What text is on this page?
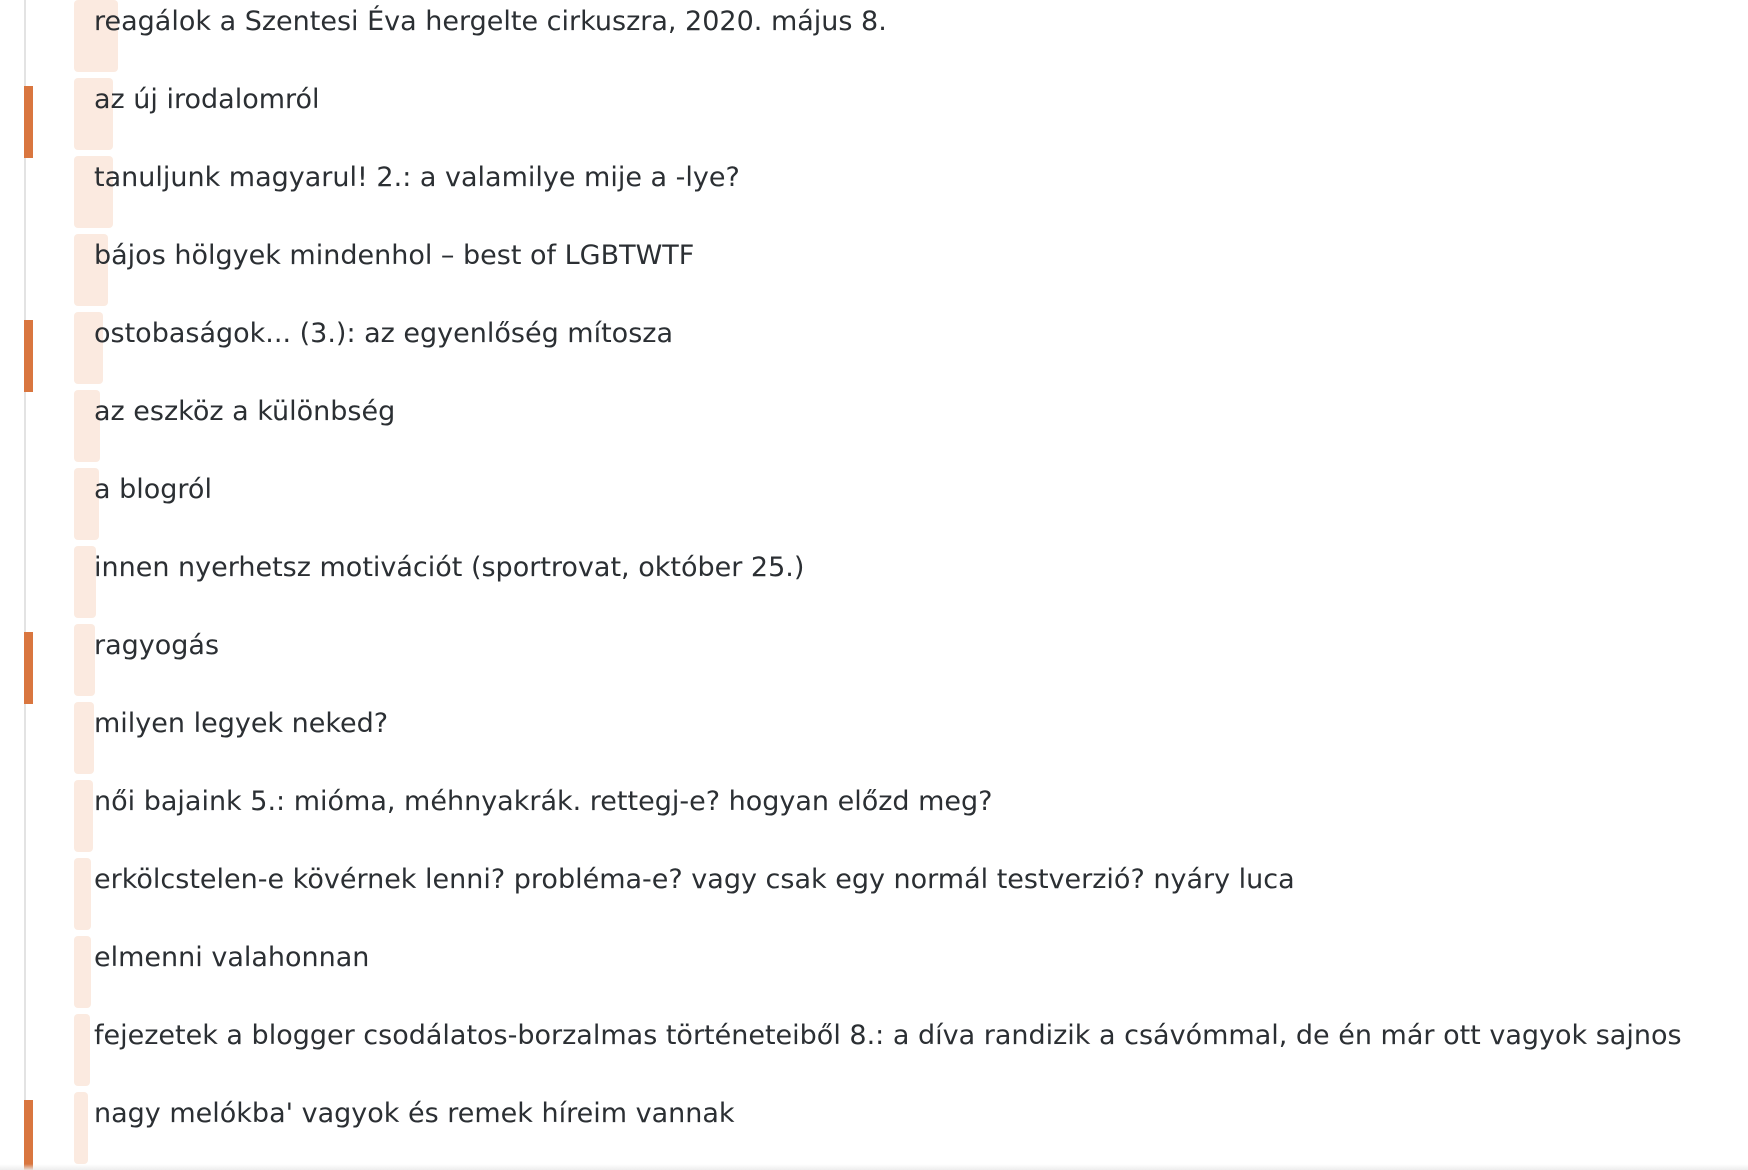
reagálok a Szentesi Éva hergelte cirkuszra, 2020. május 8.
az új irodalomról
tanuljunk magyarul! 2.: a valamilye mije a -lye?
bájos hölgyek mindenhol – best of LGBTWTF
ostobaságok... (3.): az egyenlőség mítosza
az eszköz a különbség
a blogról
innen nyerhetsz motivációt (sportrovat, október 25.)
ragyogás
milyen legyek neked?
női bajaink 5.: mióma, méhnyakrák. rettegj-e? hogyan előzd meg?
erkölcstelen-e kövérnek lenni? probléma-e? vagy csak egy normál testverzió? nyáry luca
elmenni valahonnan
fejezetek a blogger csodálatos-borzalmas történeteiből 8.: a díva randizik a csávómmal, de én már ott vagyok sajnos
nagy melókba' vagyok és remek híreim vannak
